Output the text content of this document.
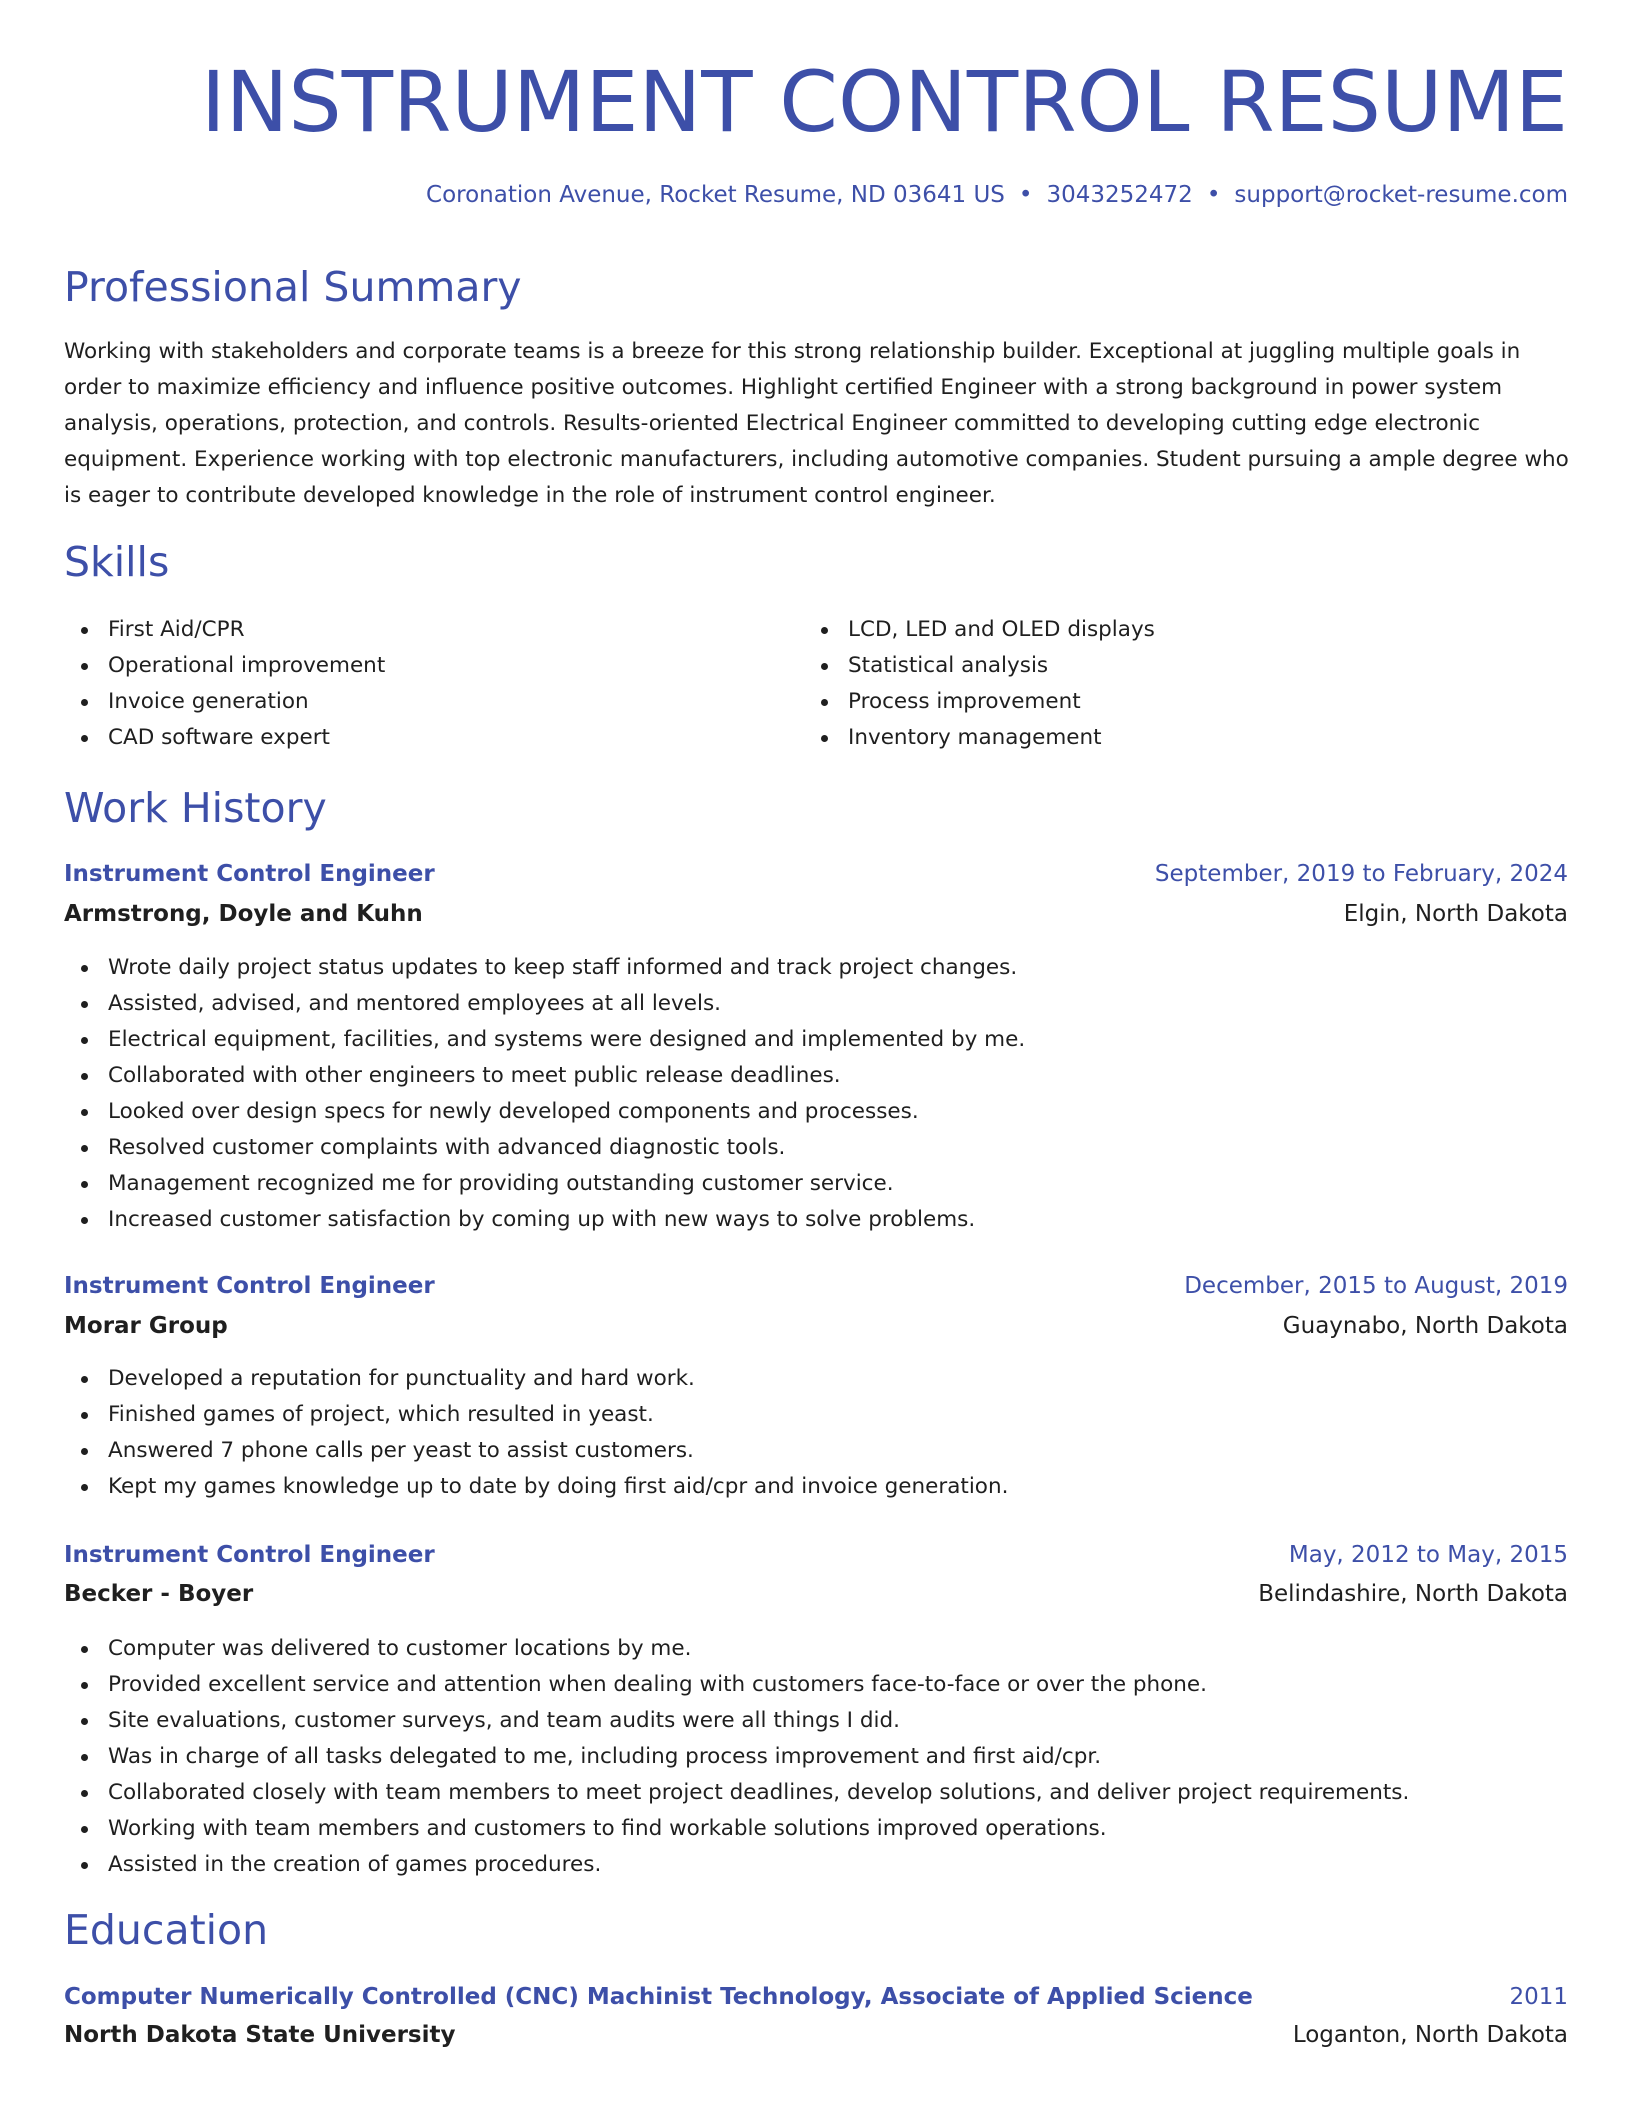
INSTRUMENT CONTROL RESUME
Coronation Avenue, Rocket Resume, ND 03641 US • 3043252472 • support@rocket-resume.com
Professional Summary

Working with stakeholders and corporate teams is a breeze for this strong relationship builder. Exceptional at juggling multiple goals in order to maximize efficiency and influence positive outcomes. Highlight certified Engineer with a strong background in power system analysis, operations, protection, and controls. Results-oriented Electrical Engineer committed to developing cutting edge electronic equipment. Experience working with top electronic manufacturers, including automotive companies. Student pursuing a ample degree who is eager to contribute developed knowledge in the role of instrument control engineer.

Skills
First Aid/CPR
Operational improvement
Invoice generation
CAD software expert
LCD, LED and OLED displays
Statistical analysis
Process improvement
Inventory management
Work History
Instrument Control Engineer	September, 2019 to February, 2024
Armstrong, Doyle and Kuhn	Elgin, North Dakota
Wrote daily project status updates to keep staff informed and track project changes.
Assisted, advised, and mentored employees at all levels.
Electrical equipment, facilities, and systems were designed and implemented by me.
Collaborated with other engineers to meet public release deadlines.
Looked over design specs for newly developed components and processes.
Resolved customer complaints with advanced diagnostic tools.
Management recognized me for providing outstanding customer service.
Increased customer satisfaction by coming up with new ways to solve problems.
Instrument Control Engineer	December, 2015 to August, 2019
Morar Group	Guaynabo, North Dakota
Developed a reputation for punctuality and hard work.
Finished games of project, which resulted in yeast.
Answered 7 phone calls per yeast to assist customers.
Kept my games knowledge up to date by doing first aid/cpr and invoice generation.
Instrument Control Engineer	May, 2012 to May, 2015
Becker - Boyer	Belindashire, North Dakota
Computer was delivered to customer locations by me.
Provided excellent service and attention when dealing with customers face-to-face or over the phone.
Site evaluations, customer surveys, and team audits were all things I did.
Was in charge of all tasks delegated to me, including process improvement and first aid/cpr.
Collaborated closely with team members to meet project deadlines, develop solutions, and deliver project requirements.
Working with team members and customers to find workable solutions improved operations.
Assisted in the creation of games procedures.
Education
Computer Numerically Controlled (CNC) Machinist Technology, Associate of Applied Science	2011
North Dakota State University	Loganton, North Dakota
